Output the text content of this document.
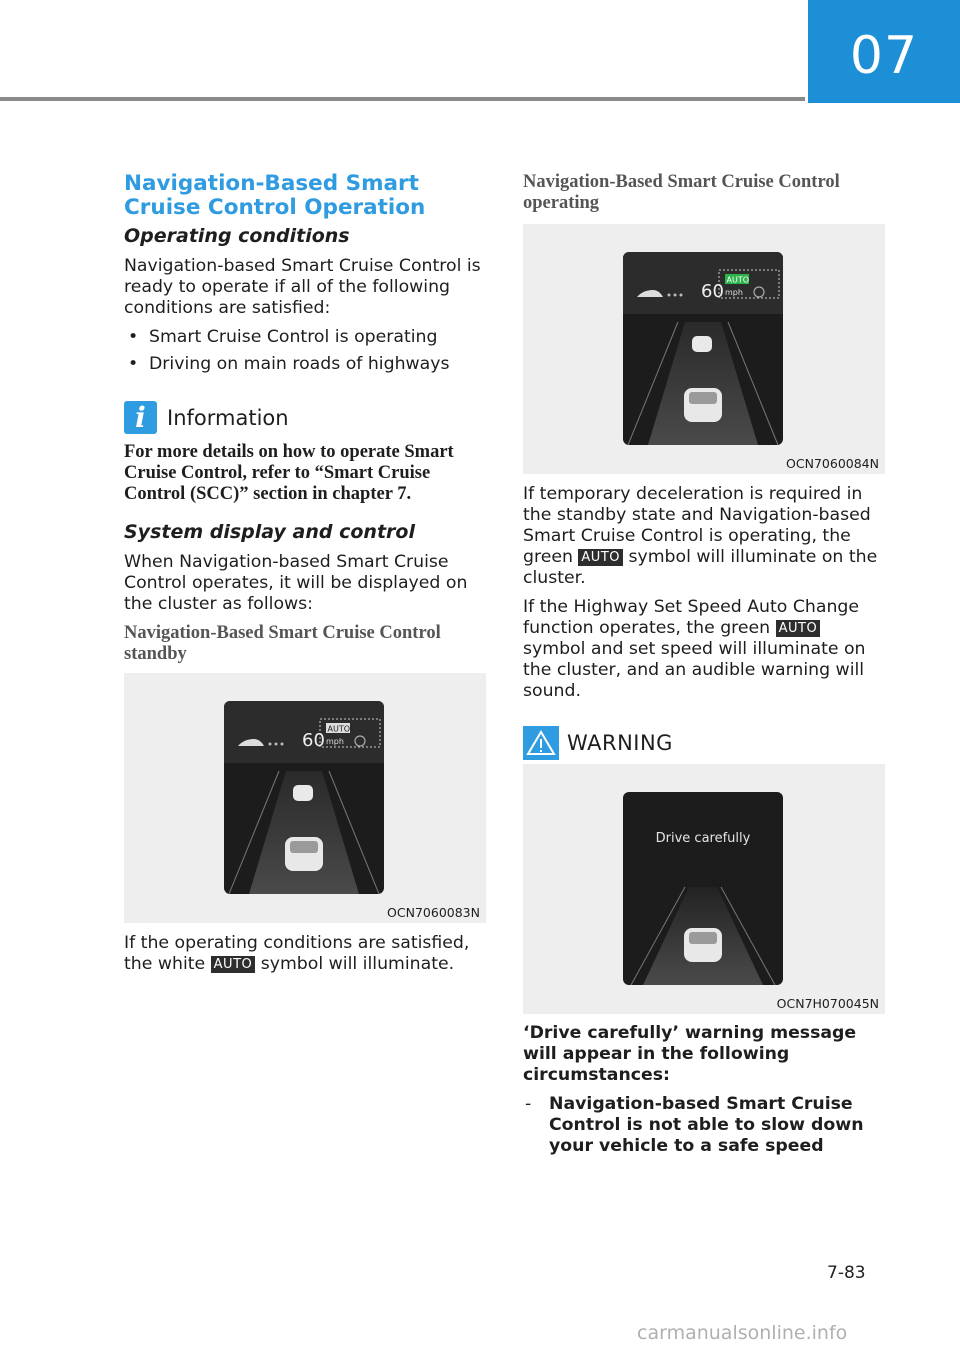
07
Navigation-Based Smart Cruise Control Operation
Operating conditions

Navigation-based Smart Cruise Control is ready to operate if all of the following conditions are satisfied:

• Smart Cruise Control is operating
• Driving on main roads of highways
i	Information

For more details on how to operate Smart Cruise Control, refer to “Smart Cruise Control (SCC)” section in chapter 7.

System display and control

When Navigation-based Smart Cruise Control operates, it will be displayed on the cluster as follows:

Navigation-Based Smart Cruise Control standby

60
AUTO
mph
OCN7060083N

If the operating conditions are satisfied, the white AUTO symbol will illuminate.

Navigation-Based Smart Cruise Control operating

60
AUTO
mph
OCN7060084N

If temporary deceleration is required in the standby state and Navigation-based Smart Cruise Control is operating, the green AUTO symbol will illuminate on the cluster.

If the Highway Set Speed Auto Change function operates, the green AUTO symbol and set speed will illuminate on the cluster, and an audible warning will sound.

WARNING
Drive carefully
OCN7H070045N

‘Drive carefully’ warning message will appear in the following circumstances:

- Navigation-based Smart Cruise Control is not able to slow down your vehicle to a safe speed
7-83
carmanualsonline.info
